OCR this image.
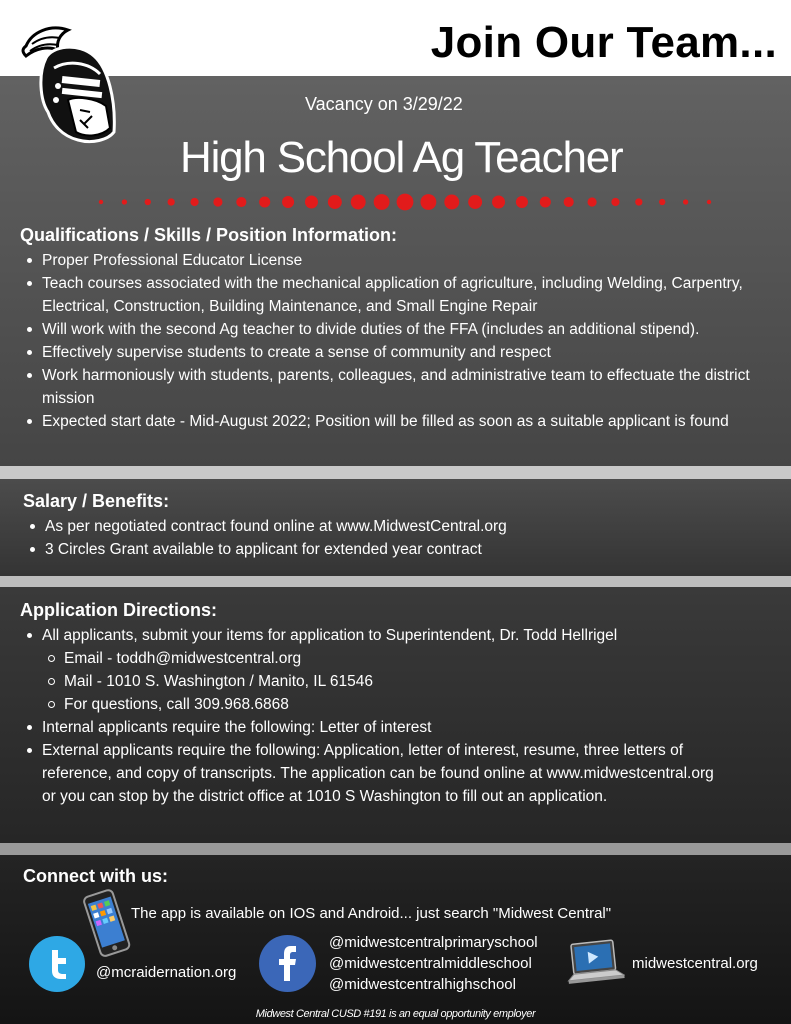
Join Our Team...
Vacancy on 3/29/22
High School Ag Teacher
Qualifications / Skills / Position Information:
Proper Professional Educator License
Teach courses associated with the mechanical application of agriculture, including Welding, Carpentry, Electrical, Construction, Building Maintenance, and Small Engine Repair
Will work with the second Ag teacher to divide duties of the FFA (includes an additional stipend).
Effectively supervise students to create a sense of community and respect
Work harmoniously with students, parents, colleagues, and administrative team to effectuate the district mission
Expected start date - Mid-August 2022; Position will be filled as soon as a suitable applicant is found
Salary / Benefits:
As per negotiated contract found online at www.MidwestCentral.org
3 Circles Grant available to applicant for extended year contract
Application Directions:
All applicants, submit your items for application to Superintendent, Dr. Todd Hellrigel
Email - toddh@midwestcentral.org
Mail - 1010 S. Washington / Manito, IL 61546
For questions, call 309.968.6868
Internal applicants require the following: Letter of interest
External applicants require the following: Application, letter of interest, resume, three letters of reference, and copy of transcripts. The application can be found online at www.midwestcentral.org or you can stop by the district office at 1010 S Washington to fill out an application.
Connect with us:
The app is available on IOS and Android... just search "Midwest Central"
@mcraidernation.org
@midwestcentralprimaryschool
@midwestcentralmiddleschool
@midwestcentralhighschool
midwestcentral.org
Midwest Central CUSD #191 is an equal opportunity employer
